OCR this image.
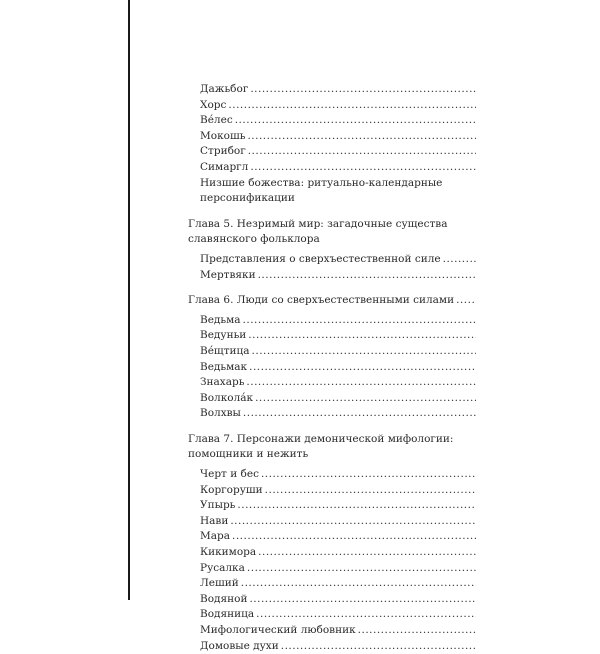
Дажьбог
.....
Хорс
.....
Ве́лес
.....
Мокошь
.....
Стрибог
.....
Симаргл
.....
Низшие божества: ритуально-календарные
персонификации
Глава 5. Незримый мир: загадочные существа
славянского фольклора
Представления о сверхъестественной силе
.....
Мертвяки
.....
Глава 6. Люди со сверхъестественными силами
.....
Ведьма
.....
Ведуньи
.....
Ве́щтица
.....
Ведьмак
.....
Знахарь
.....
Волкола́к
.....
Волхвы
.....
Глава 7. Персонажи демонической мифологии:
помощники и нежить
Черт и бес
.....
Коргоруши
.....
Упырь
.....
Нави
.....
Мара
.....
Кикимора
.....
Русалка
.....
Леший
.....
Водяной
.....
Водяница
.....
Мифологический любовник
.....
Домовые духи
.....
